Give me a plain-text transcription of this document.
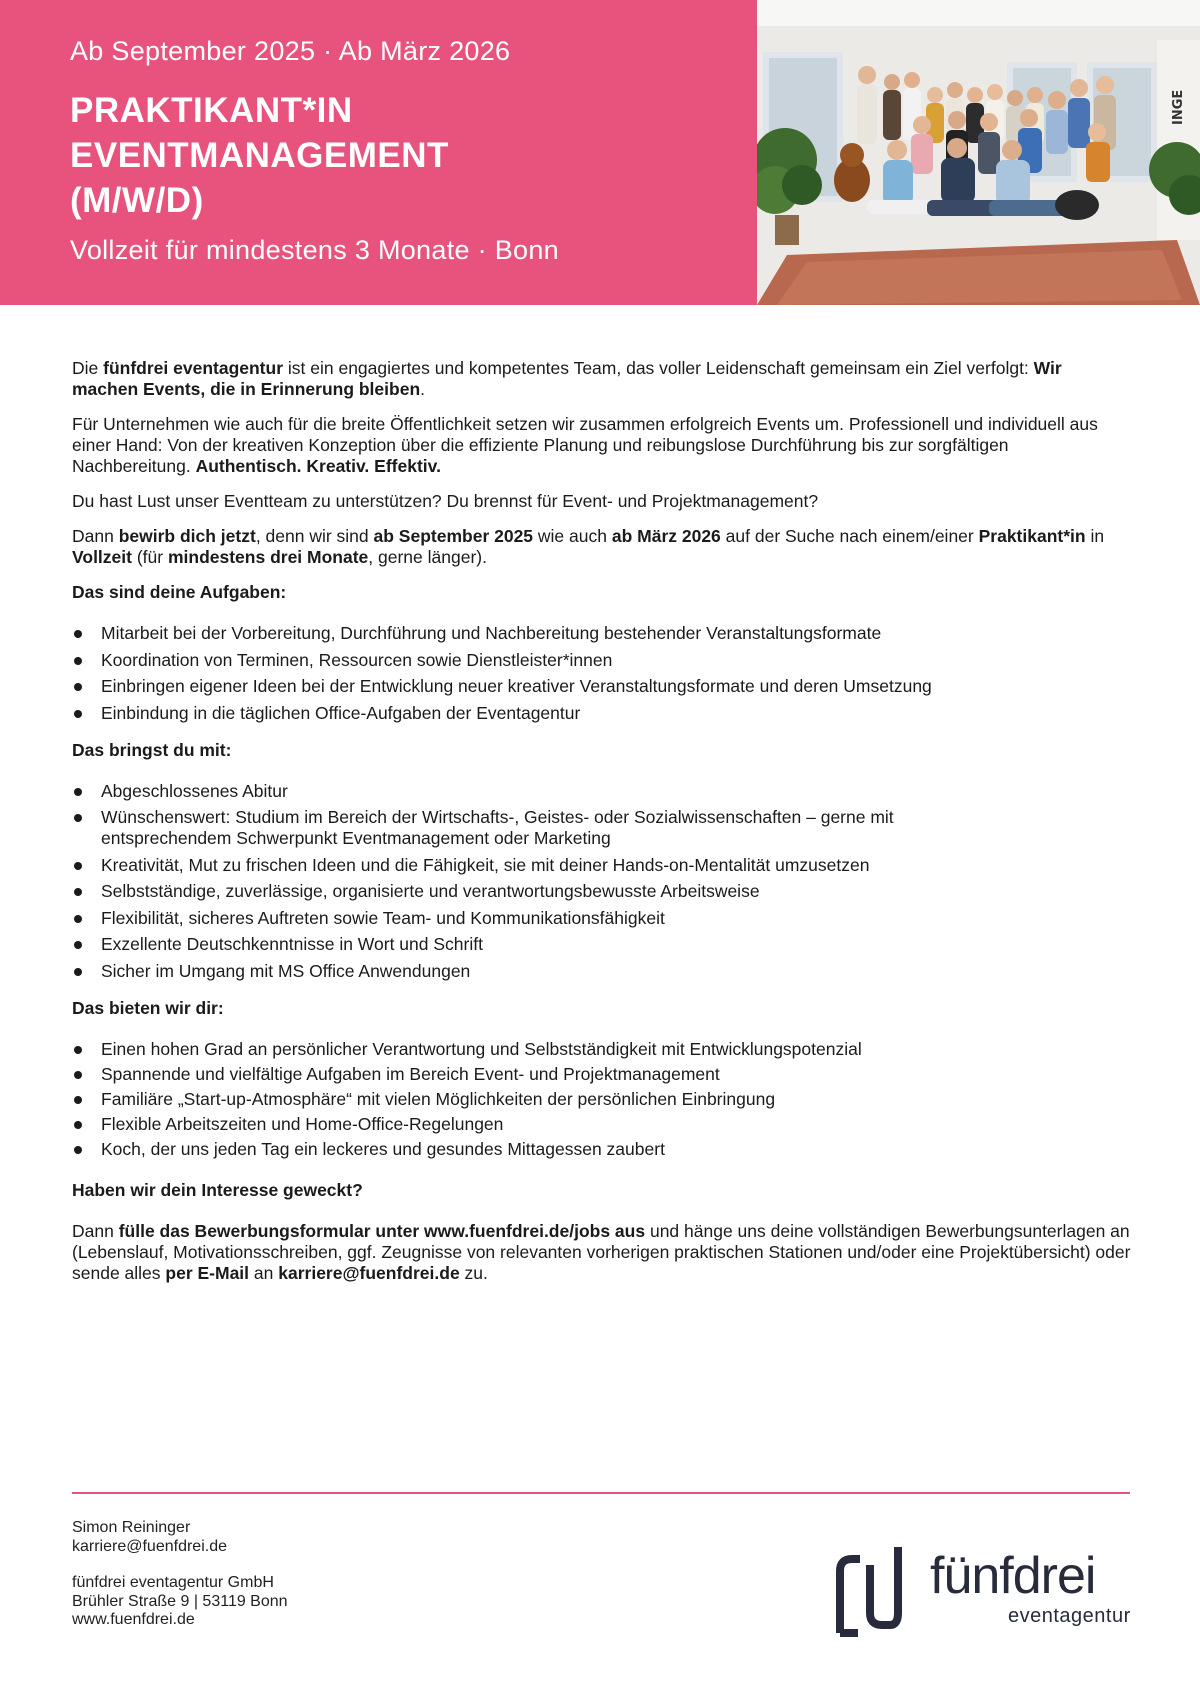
Ab September 2025 · Ab März 2026
PRAKTIKANT*IN
EVENTMANAGEMENT
(M/W/D)
Vollzeit für mindestens 3 Monate · Bonn
INGE

Die fünfdrei eventagentur ist ein engagiertes und kompetentes Team, das voller Leidenschaft gemeinsam ein Ziel verfolgt: Wir machen Events, die in Erinnerung bleiben.

Für Unternehmen wie auch für die breite Öffentlichkeit setzen wir zusammen erfolgreich Events um. Professionell und individuell aus einer Hand: Von der kreativen Konzeption über die effiziente Planung und reibungslose Durchführung bis zur sorgfältigen Nachbereitung. Authentisch. Kreativ. Effektiv.

Du hast Lust unser Eventteam zu unterstützen? Du brennst für Event- und Projektmanagement?

Dann bewirb dich jetzt, denn wir sind ab September 2025 wie auch ab März 2026 auf der Suche nach einem/einer Praktikant*in in Vollzeit (für mindestens drei Monate, gerne länger).

Das sind deine Aufgaben:

Mitarbeit bei der Vorbereitung, Durchführung und Nachbereitung bestehender Veranstaltungsformate
Koordination von Terminen, Ressourcen sowie Dienstleister*innen
Einbringen eigener Ideen bei der Entwicklung neuer kreativer Veranstaltungsformate und deren Umsetzung
Einbindung in die täglichen Office-Aufgaben der Eventagentur

Das bringst du mit:

Abgeschlossenes Abitur
Wünschenswert: Studium im Bereich der Wirtschafts-, Geistes- oder Sozialwissenschaften – gerne mit entsprechendem Schwerpunkt Eventmanagement oder Marketing
Kreativität, Mut zu frischen Ideen und die Fähigkeit, sie mit deiner Hands-on-Mentalität umzusetzen
Selbstständige, zuverlässige, organisierte und verantwortungsbewusste Arbeitsweise
Flexibilität, sicheres Auftreten sowie Team- und Kommunikationsfähigkeit
Exzellente Deutschkenntnisse in Wort und Schrift
Sicher im Umgang mit MS Office Anwendungen

Das bieten wir dir:

Einen hohen Grad an persönlicher Verantwortung und Selbstständigkeit mit Entwicklungspotenzial
Spannende und vielfältige Aufgaben im Bereich Event- und Projektmanagement
Familiäre „Start-up-Atmosphäre“ mit vielen Möglichkeiten der persönlichen Einbringung
Flexible Arbeitszeiten und Home-Office-Regelungen
Koch, der uns jeden Tag ein leckeres und gesundes Mittagessen zaubert

Haben wir dein Interesse geweckt?

Dann fülle das Bewerbungsformular unter www.fuenfdrei.de/jobs aus und hänge uns deine vollständigen Bewerbungsunterlagen an (Lebenslauf, Motivationsschreiben, ggf. Zeugnisse von relevanten vorherigen praktischen Stationen und/oder eine Projektübersicht) oder sende alles per E-Mail an karriere@fuenfdrei.de zu.

Simon Reininger
karriere@fuenfdrei.de
fünfdrei eventagentur GmbH
Brühler Straße 9 | 53119 Bonn
www.fuenfdrei.de
fünfdrei
eventagentur
